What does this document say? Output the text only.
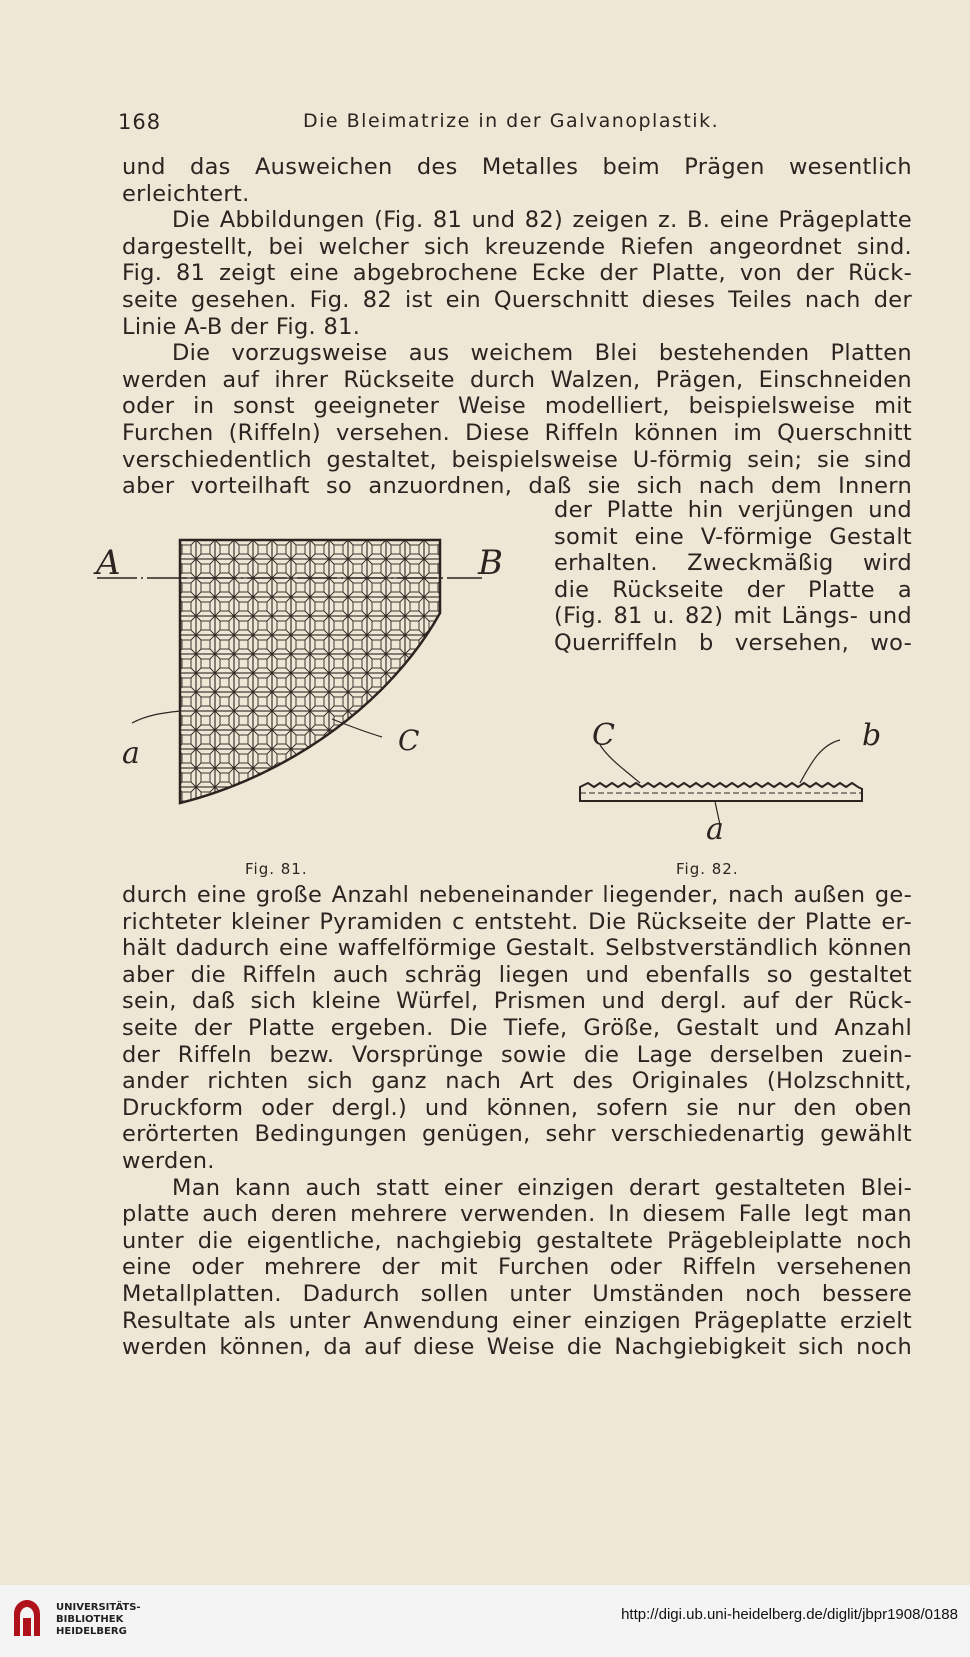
168	Die Bleimatrize in der Galvanoplastik.
und das Ausweichen des Metalles beim Prägen wesentlich
erleichtert.
Die Abbildungen (Fig. 81 und 82) zeigen z. B. eine Prägeplatte
dargestellt, bei welcher sich kreuzende Riefen angeordnet sind.
Fig. 81 zeigt eine abgebrochene Ecke der Platte, von der Rück-
seite gesehen. Fig. 82 ist ein Querschnitt dieses Teiles nach der
Linie A-B der Fig. 81.
Die vorzugsweise aus weichem Blei bestehenden Platten
werden auf ihrer Rückseite durch Walzen, Prägen, Einschneiden
oder in sonst geeigneter Weise modelliert, beispielsweise mit
Furchen (Riffeln) versehen. Diese Riffeln können im Querschnitt
verschiedentlich gestaltet, beispielsweise U-förmig sein; sie sind
aber vorteilhaft so anzuordnen, daß sie sich nach dem Innern
der Platte hin verjüngen und
somit eine V-förmige Gestalt
erhalten. Zweckmäßig wird
die Rückseite der Platte a
(Fig. 81 u. 82) mit Längs- und
Querriffeln b versehen, wo-
A	B
a	C
Fig. 81.
C	b
a
Fig. 82.
durch eine große Anzahl nebeneinander liegender, nach außen ge-
richteter kleiner Pyramiden c entsteht. Die Rückseite der Platte er-
hält dadurch eine waffelförmige Gestalt. Selbstverständlich können
aber die Riffeln auch schräg liegen und ebenfalls so gestaltet
sein, daß sich kleine Würfel, Prismen und dergl. auf der Rück-
seite der Platte ergeben. Die Tiefe, Größe, Gestalt und Anzahl
der Riffeln bezw. Vorsprünge sowie die Lage derselben zuein-
ander richten sich ganz nach Art des Originales (Holzschnitt,
Druckform oder dergl.) und können, sofern sie nur den oben
erörterten Bedingungen genügen, sehr verschiedenartig gewählt
werden.
Man kann auch statt einer einzigen derart gestalteten Blei-
platte auch deren mehrere verwenden. In diesem Falle legt man
unter die eigentliche, nachgiebig gestaltete Prägebleiplatte noch
eine oder mehrere der mit Furchen oder Riffeln versehenen
Metallplatten. Dadurch sollen unter Umständen noch bessere
Resultate als unter Anwendung einer einzigen Prägeplatte erzielt
werden können, da auf diese Weise die Nachgiebigkeit sich noch
UNIVERSITÄTS-
BIBLIOTHEK
HEIDELBERG
http://digi.ub.uni-heidelberg.de/diglit/jbpr1908/0188
